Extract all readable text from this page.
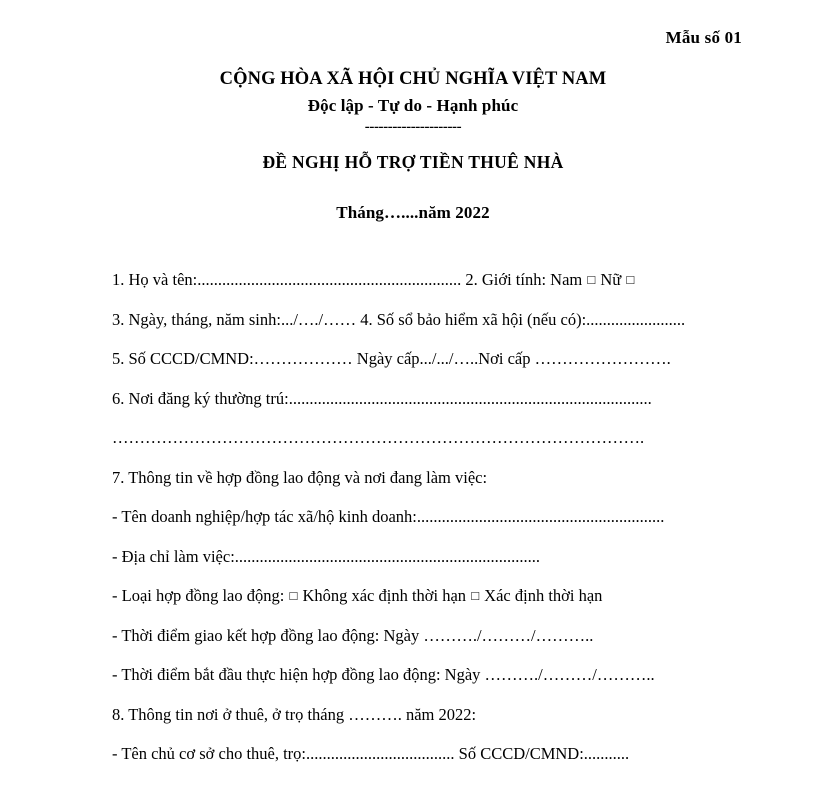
Mẫu số 01
CỘNG HÒA XÃ HỘI CHỦ NGHĨA VIỆT NAM
Độc lập - Tự do - Hạnh phúc
---------------------
ĐỀ NGHỊ HỖ TRỢ TIỀN THUÊ NHÀ
Tháng…....năm 2022
1. Họ và tên:................................................................ 2. Giới tính: Nam □ Nữ □
3. Ngày, tháng, năm sinh:.../…./…… 4. Số sổ bảo hiểm xã hội (nếu có):........................
5. Số CCCD/CMND:……………… Ngày cấp.../.../…..Nơi cấp …………………….
6. Nơi đăng ký thường trú:........................................................................................
…………………………………………………………………………………….
7. Thông tin về hợp đồng lao động và nơi đang làm việc:
- Tên doanh nghiệp/hợp tác xã/hộ kinh doanh:............................................................
- Địa chỉ làm việc:..........................................................................
- Loại hợp đồng lao động: □ Không xác định thời hạn □ Xác định thời hạn
- Thời điểm giao kết hợp đồng lao động: Ngày ………./………/………..
- Thời điểm bắt đầu thực hiện hợp đồng lao động: Ngày ………./………/………..
8. Thông tin nơi ở thuê, ở trọ tháng ………. năm 2022:
- Tên chủ cơ sở cho thuê, trọ:.................................... Số CCCD/CMND:...........
